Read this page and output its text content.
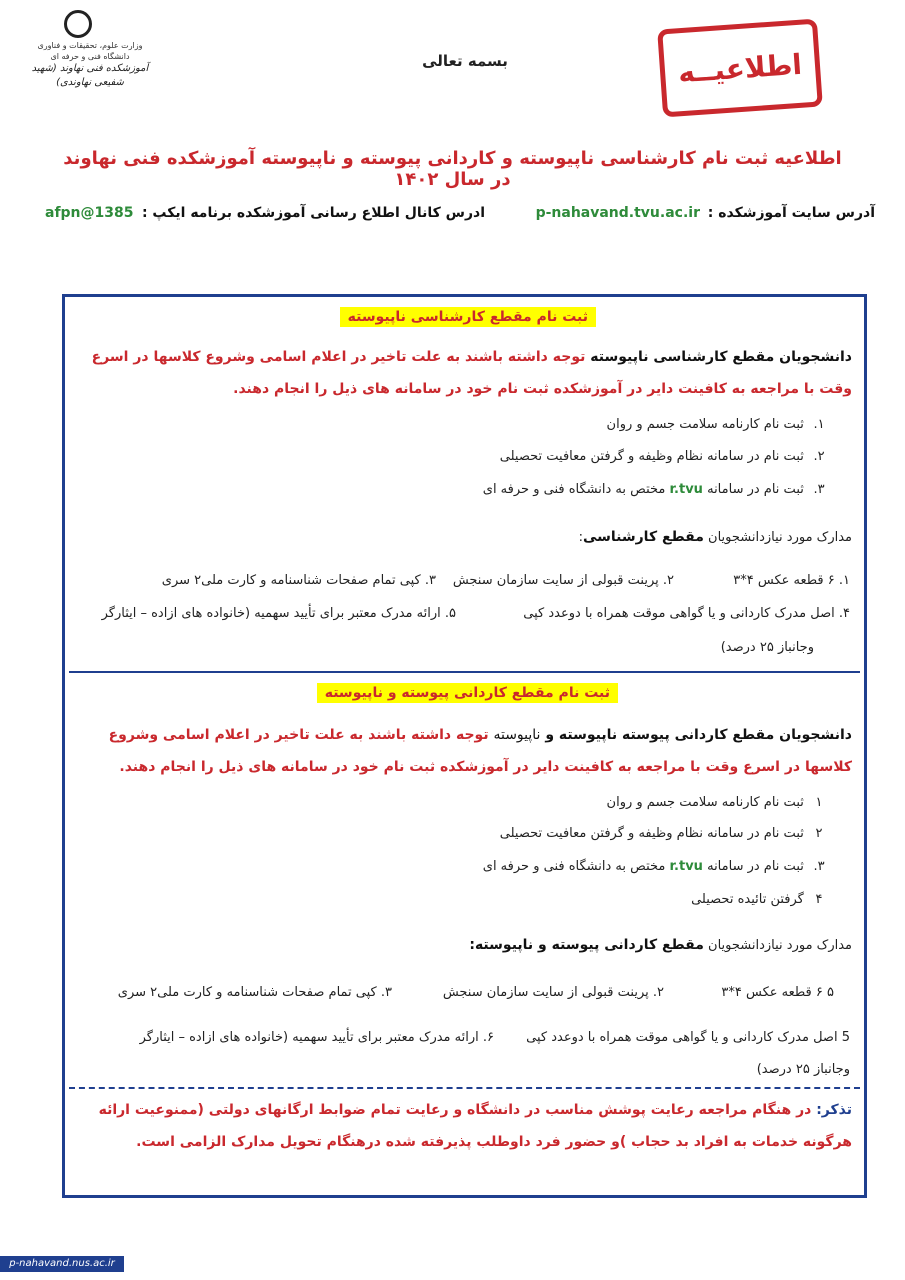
وزارت علوم، تحقیقات و فناوری
دانشگاه فنی و حرفه ای
آموزشکده فنی نهاوند (شهید شفیعی نهاوندی)
بسمه تعالی	اطلاعیــه
اطلاعیه ثبت نام کارشناسی ناپیوسته و کاردانی پیوسته و ناپیوسته آموزشکده فنی نهاوند در سال ۱۴۰۲
آدرس سایت آموزشکده :
p-nahavand.tvu.ac.ir
ادرس کانال اطلاع رسانی آموزشکده برنامه ایکپ :
afpn@1385
ثبت نام مقطع کارشناسی ناپیوسته
دانشجویان مقطع کارشناسی ناپیوسته توجه داشته باشند به علت تاخیر در اعلام اسامی وشروع کلاسها در اسرع وقت با مراجعه به کافینت دایر در آموزشکده ثبت نام خود در سامانه های ذیل را انجام دهند.
۱. ثبت نام کارنامه سلامت جسم و روان
۲. ثبت نام در سامانه نظام وظیفه و گرفتن معافیت تحصیلی
۳. ثبت نام در سامانه r.tvu مختص به دانشگاه فنی و حرفه ای
مدارک مورد نیازدانشجویان مقطع کارشناسی:
۱. ۶ قطعه عکس ۴*۳
۲. پرینت قبولی از سایت سازمان سنجش
۳. کپی تمام صفحات شناسنامه و کارت ملی۲ سری
۴. اصل مدرک کاردانی و یا گواهی موقت همراه با دوعدد کپی
۵. ارائه مدرک معتبر برای تأیید سهمیه (خانواده های ازاده – ایثارگر
وجانباز ۲۵ درصد)
ثبت نام مقطع کاردانی پیوسته و ناپیوسته
دانشجویان مقطع کاردانی پیوسته ناپیوسته و ناپیوسته توجه داشته باشند به علت تاخیر در اعلام اسامی وشروع کلاسها در اسرع وقت با مراجعه به کافینت دایر در آموزشکده ثبت نام خود در سامانه های ذیل را انجام دهند.
۱ ثبت نام کارنامه سلامت جسم و روان
۲ ثبت نام در سامانه نظام وظیفه و گرفتن معافیت تحصیلی
۳. ثبت نام در سامانه r.tvu مختص به دانشگاه فنی و حرفه ای
۴ گرفتن تائیده تحصیلی
مدارک مورد نیازدانشجویان مقطع کاردانی پیوسته و ناپیوسته:
۵ ۶ قطعه عکس ۴*۳
۲. پرینت قبولی از سایت سازمان سنجش
۳. کپی تمام صفحات شناسنامه و کارت ملی۲ سری
5 اصل مدرک کاردانی و یا گواهی موقت همراه با دوعدد کپی
۶. ارائه مدرک معتبر برای تأیید سهمیه (خانواده های ازاده – ایثارگر
وجانباز ۲۵ درصد)
تذکر: در هنگام مراجعه رعایت پوشش مناسب در دانشگاه و رعایت تمام ضوابط ارگانهای دولتی (ممنوعیت ارائه هرگونه خدمات به افراد بد حجاب )و حضور فرد داوطلب پذیرفته شده درهنگام تحویل مدارک الزامی است.
p-nahavand.nus.ac.ir
